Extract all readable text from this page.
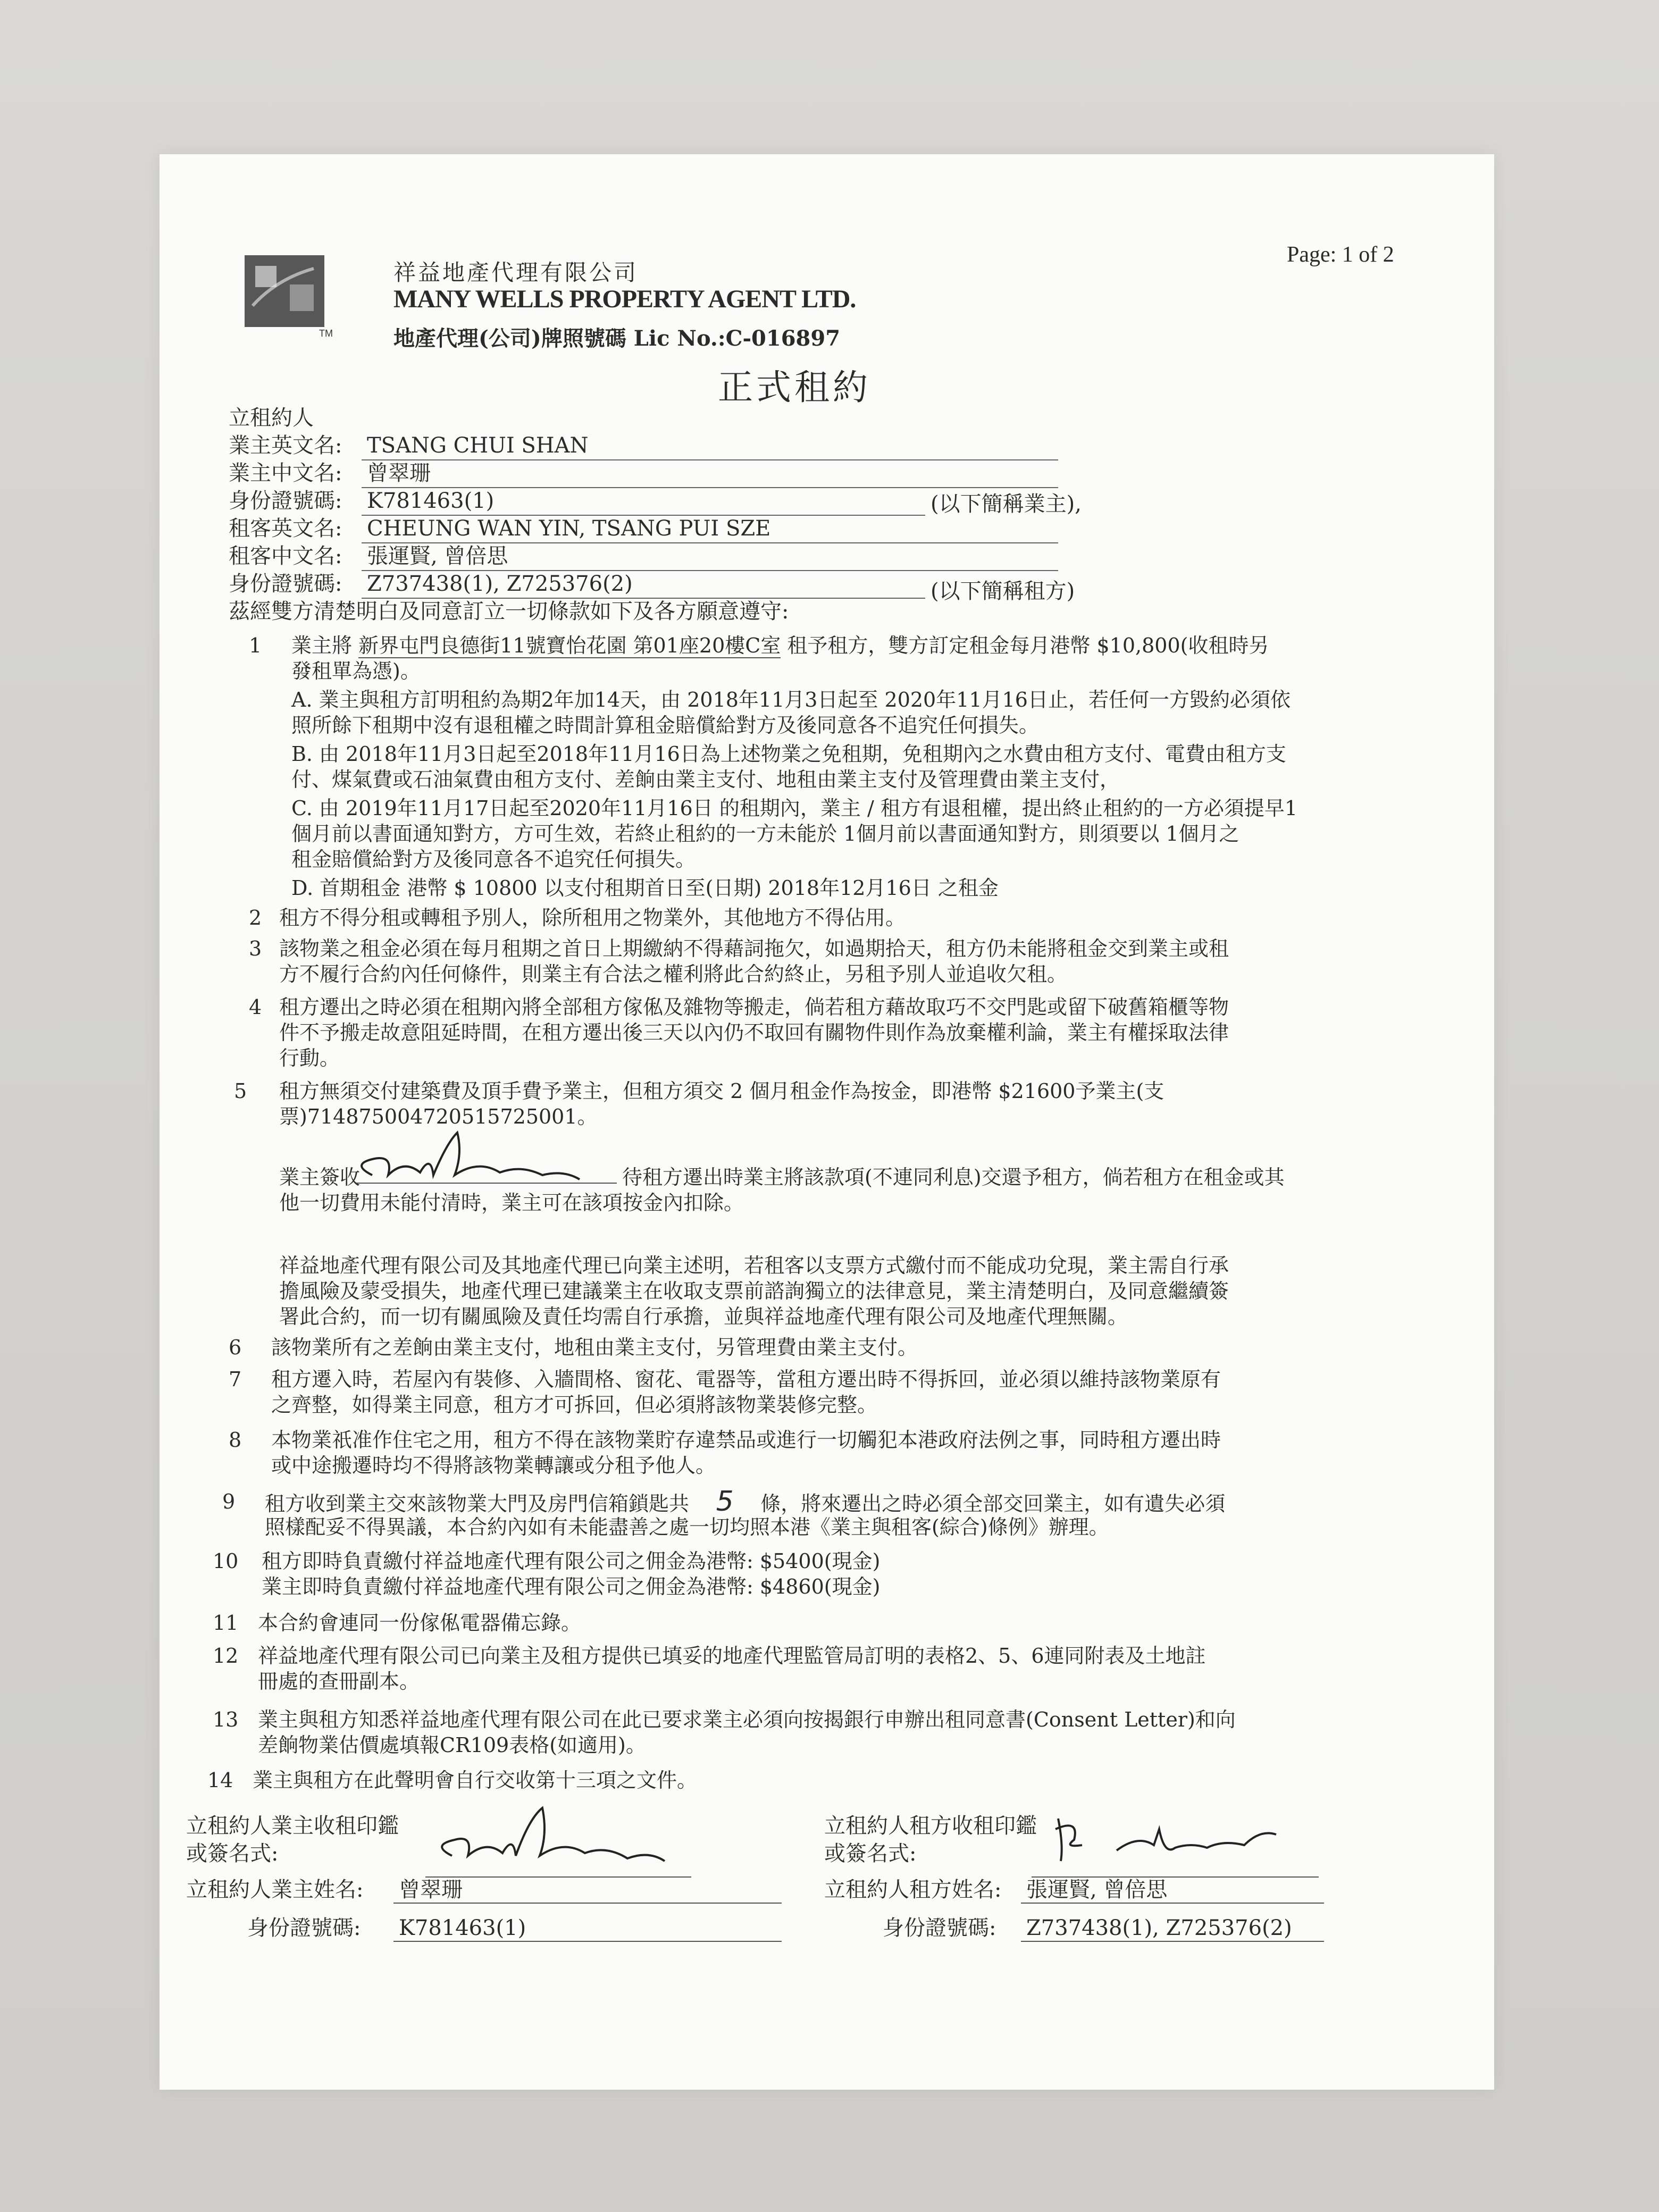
TM
祥益地產代理有限公司
MANY WELLS PROPERTY AGENT LTD.
地產代理(公司)牌照號碼 Lic No.:C-016897
Page: 1 of 2
正式租約
立租約人
業主英文名: TSANG CHUI SHAN
業主中文名: 曾翠珊
身份證號碼: K781463(1)	(以下簡稱業主),
租客英文名: CHEUNG WAN YIN, TSANG PUI SZE
租客中文名: 張運賢, 曾倍思
身份證號碼: Z737438(1), Z725376(2)	(以下簡稱租方)
茲經雙方清楚明白及同意訂立一切條款如下及各方願意遵守:
1 業主將 新界屯門良德街11號寶怡花園 第01座20樓C室 租予租方，雙方訂定租金每月港幣 $10,800(收租時另
發租單為憑)。
A. 業主與租方訂明租約為期2年加14天，由 2018年11月3日起至 2020年11月16日止，若任何一方毀約必須依
照所餘下租期中沒有退租權之時間計算租金賠償給對方及後同意各不追究任何損失。
B. 由 2018年11月3日起至2018年11月16日為上述物業之免租期，免租期內之水費由租方支付、電費由租方支
付、煤氣費或石油氣費由租方支付、差餉由業主支付、地租由業主支付及管理費由業主支付，
C. 由 2019年11月17日起至2020年11月16日 的租期內，業主 / 租方有退租權，提出終止租約的一方必須提早1
個月前以書面通知對方，方可生效，若終止租約的一方未能於 1個月前以書面通知對方，則須要以 1個月之
租金賠償給對方及後同意各不追究任何損失。
D. 首期租金 港幣 $ 10800 以支付租期首日至(日期) 2018年12月16日 之租金
2 租方不得分租或轉租予別人，除所租用之物業外，其他地方不得佔用。
3 該物業之租金必須在每月租期之首日上期繳納不得藉詞拖欠，如過期拾天，租方仍未能將租金交到業主或租
方不履行合約內任何條件，則業主有合法之權利將此合約終止，另租予別人並追收欠租。
4 租方遷出之時必須在租期內將全部租方傢俬及雜物等搬走，倘若租方藉故取巧不交門匙或留下破舊箱櫃等物
件不予搬走故意阻延時間，在租方遷出後三天以內仍不取回有關物件則作為放棄權利論，業主有權採取法律
行動。
5 租方無須交付建築費及頂手費予業主，但租方須交 2 個月租金作為按金，即港幣 $21600予業主(支
票)714875004720515725001。
業主簽收	待租方遷出時業主將該款項(不連同利息)交還予租方，倘若租方在租金或其
他一切費用未能付清時，業主可在該項按金內扣除。
祥益地產代理有限公司及其地產代理已向業主述明，若租客以支票方式繳付而不能成功兌現，業主需自行承
擔風險及蒙受損失，地產代理已建議業主在收取支票前諮詢獨立的法律意見，業主清楚明白，及同意繼續簽
署此合約，而一切有關風險及責任均需自行承擔，並與祥益地產代理有限公司及地產代理無關。
6 該物業所有之差餉由業主支付，地租由業主支付，另管理費由業主支付。
7 租方遷入時，若屋內有裝修、入牆間格、窗花、電器等，當租方遷出時不得拆回，並必須以維持該物業原有
之齊整，如得業主同意，租方才可拆回，但必須將該物業裝修完整。
8 本物業祇准作住宅之用，租方不得在該物業貯存違禁品或進行一切觸犯本港政府法例之事，同時租方遷出時
或中途搬遷時均不得將該物業轉讓或分租予他人。
9 租方收到業主交來該物業大門及房門信箱鎖匙共 5 條，將來遷出之時必須全部交回業主，如有遺失必須
照樣配妥不得異議，本合約內如有未能盡善之處一切均照本港《業主與租客(綜合)條例》辦理。
10 租方即時負責繳付祥益地產代理有限公司之佣金為港幣: $5400(現金)
業主即時負責繳付祥益地產代理有限公司之佣金為港幣: $4860(現金)
11 本合約會連同一份傢俬電器備忘錄。
12 祥益地產代理有限公司已向業主及租方提供已填妥的地產代理監管局訂明的表格2、5、6連同附表及土地註
冊處的查冊副本。
13 業主與租方知悉祥益地產代理有限公司在此已要求業主必須向按揭銀行申辦出租同意書(Consent Letter)和向
差餉物業估價處填報CR109表格(如適用)。
14 業主與租方在此聲明會自行交收第十三項之文件。
立租約人業主收租印鑑
或簽名式:
立租約人業主姓名: 曾翠珊
身份證號碼: K781463(1)
立租約人租方收租印鑑
或簽名式:
立租約人租方姓名: 張運賢, 曾倍思
身份證號碼: Z737438(1), Z725376(2)
